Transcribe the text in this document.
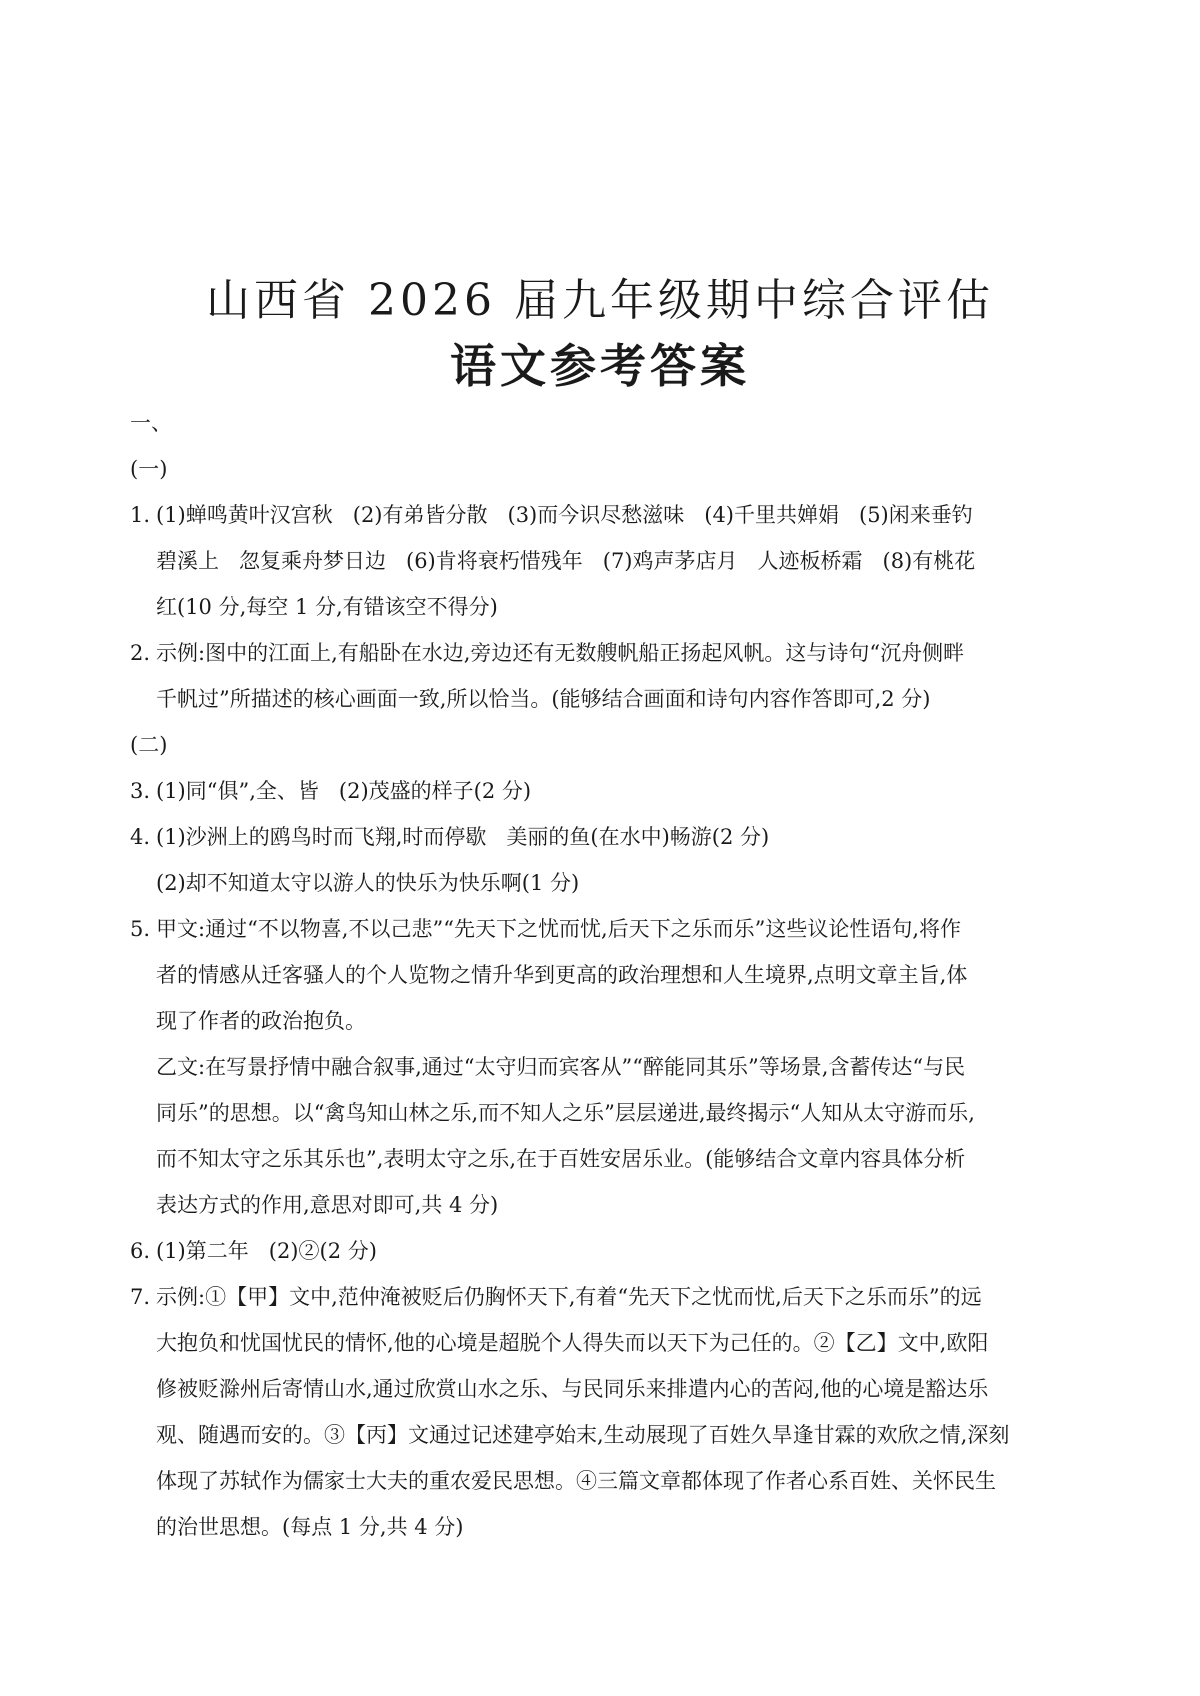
山西省 2026 届九年级期中综合评估
语文参考答案
一、
(一)
1. (1)蝉鸣黄叶汉宫秋 (2)有弟皆分散 (3)而今识尽愁滋味 (4)千里共婵娟 (5)闲来垂钓
碧溪上 忽复乘舟梦日边 (6)肯将衰朽惜残年 (7)鸡声茅店月 人迹板桥霜 (8)有桃花
红(10 分,每空 1 分,有错该空不得分)
2. 示例:图中的江面上,有船卧在水边,旁边还有无数艘帆船正扬起风帆。这与诗句“沉舟侧畔
千帆过”所描述的核心画面一致,所以恰当。(能够结合画面和诗句内容作答即可,2 分)
(二)
3. (1)同“俱”,全、皆 (2)茂盛的样子(2 分)
4. (1)沙洲上的鸥鸟时而飞翔,时而停歇 美丽的鱼(在水中)畅游(2 分)
(2)却不知道太守以游人的快乐为快乐啊(1 分)
5. 甲文:通过“不以物喜,不以己悲”“先天下之忧而忧,后天下之乐而乐”这些议论性语句,将作
者的情感从迁客骚人的个人览物之情升华到更高的政治理想和人生境界,点明文章主旨,体
现了作者的政治抱负。
乙文:在写景抒情中融合叙事,通过“太守归而宾客从”“醉能同其乐”等场景,含蓄传达“与民
同乐”的思想。以“禽鸟知山林之乐,而不知人之乐”层层递进,最终揭示“人知从太守游而乐,
而不知太守之乐其乐也”,表明太守之乐,在于百姓安居乐业。(能够结合文章内容具体分析
表达方式的作用,意思对即可,共 4 分)
6. (1)第二年 (2)②(2 分)
7. 示例:①【甲】文中,范仲淹被贬后仍胸怀天下,有着“先天下之忧而忧,后天下之乐而乐”的远
大抱负和忧国忧民的情怀,他的心境是超脱个人得失而以天下为己任的。②【乙】文中,欧阳
修被贬滁州后寄情山水,通过欣赏山水之乐、与民同乐来排遣内心的苦闷,他的心境是豁达乐
观、随遇而安的。③【丙】文通过记述建亭始末,生动展现了百姓久旱逢甘霖的欢欣之情,深刻
体现了苏轼作为儒家士大夫的重农爱民思想。④三篇文章都体现了作者心系百姓、关怀民生
的治世思想。(每点 1 分,共 4 分)
